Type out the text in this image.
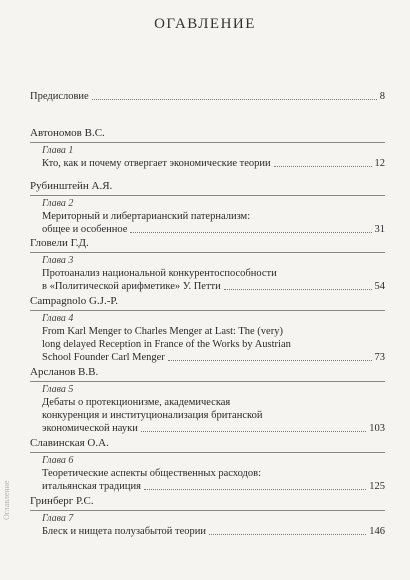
ОГАВЛЕНИЕ
Оглавление
Предисловие	8
Автономов В.С.
Глава 1
Кто, как и почему отвергает экономические теории	12
Рубинштейн А.Я.
Глава 2
Мериторный и либертарианский патернализм:
общее и особенное	31
Гловели Г.Д.
Глава 3
Протоанализ национальной конкурентоспособности
в «Политической арифметике» У. Петти	54
Campagnolo G.J.-P.
Глава 4
From Karl Menger to Charles Menger at Last: The (very)
long delayed Reception in France of the Works by Austrian
School Founder Carl Menger	73
Арсланов В.В.
Глава 5
Дебаты о протекционизме, академическая
конкуренция и институционализация британской
экономической науки	103
Славинская О.А.
Глава 6
Теоретические аспекты общественных расходов:
итальянская традиция	125
Гринберг Р.С.
Глава 7
Блеск и нищета полузабытой теории	146
